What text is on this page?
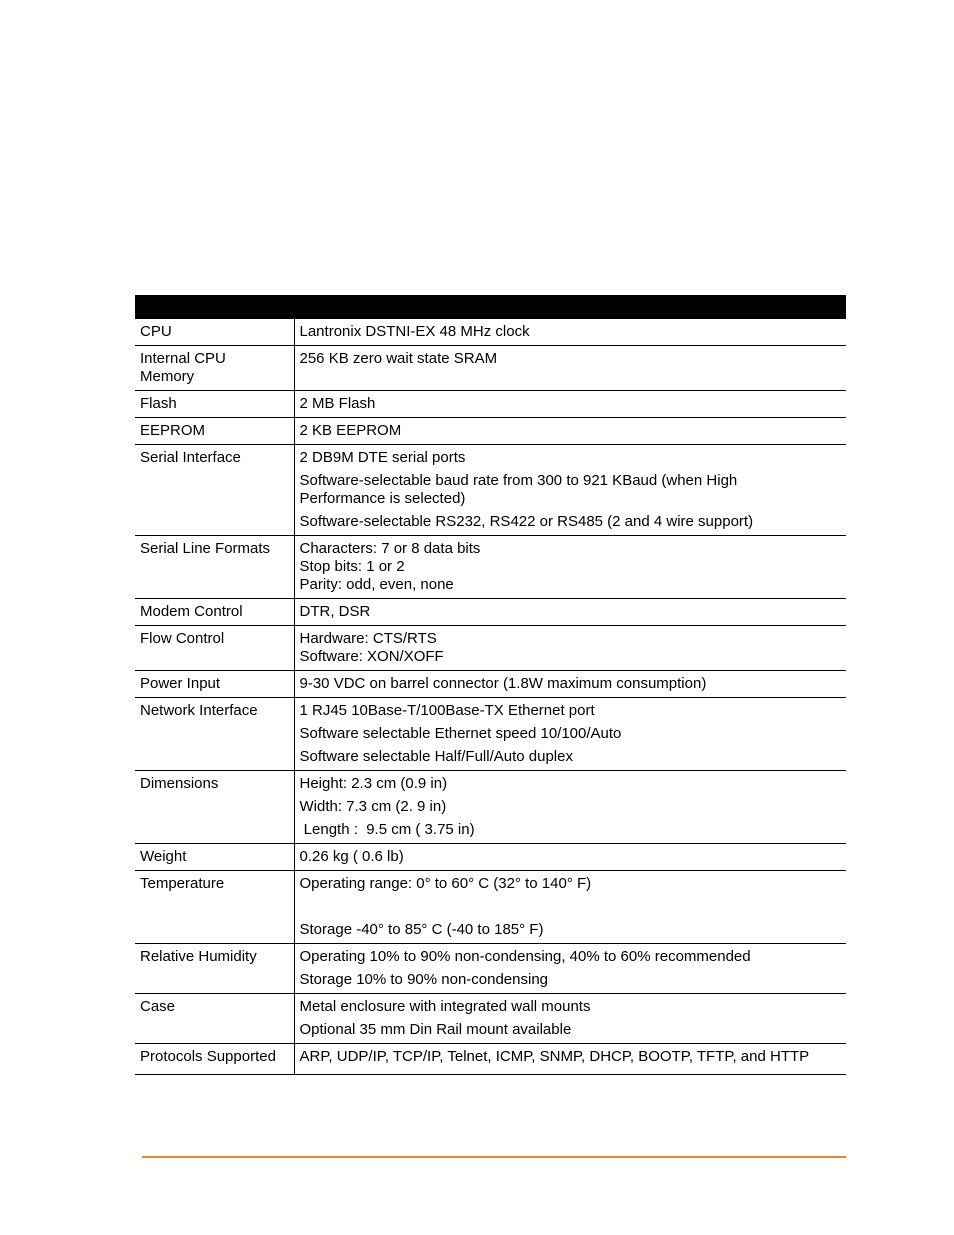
CPU	Lantronix DSTNI-EX 48 MHz clock

Internal CPU Memory	256 KB zero wait state SRAM

Flash	2 MB Flash

EEPROM	2 KB EEPROM

Serial Interface	2 DB9M DTE serial ports
Software-selectable baud rate from 300 to 921 KBaud (when High Performance is selected)
Software-selectable RS232, RS422 or RS485 (2 and 4 wire support)

Serial Line Formats	Characters: 7 or 8 data bits
Stop bits: 1 or 2
Parity: odd, even, none

Modem Control	DTR, DSR

Flow Control	Hardware: CTS/RTS
Software: XON/XOFF

Power Input	9-30 VDC on barrel connector (1.8W maximum consumption)

Network Interface	1 RJ45 10Base-T/100Base-TX Ethernet port
Software selectable Ethernet speed 10/100/Auto
Software selectable Half/Full/Auto duplex

Dimensions	Height: 2.3 cm (0.9 in)
Width: 7.3 cm (2. 9 in)
Length :  9.5 cm ( 3.75 in)

Weight	0.26 kg ( 0.6 lb)

Temperature	Operating range: 0° to 60° C (32° to 140° F)
Storage -40° to 85° C (-40 to 185° F)

Relative Humidity	Operating 10% to 90% non-condensing, 40% to 60% recommended
Storage 10% to 90% non-condensing

Case	Metal enclosure with integrated wall mounts
Optional 35 mm Din Rail mount available

Protocols Supported	ARP, UDP/IP, TCP/IP, Telnet, ICMP, SNMP, DHCP, BOOTP, TFTP, and HTTP
